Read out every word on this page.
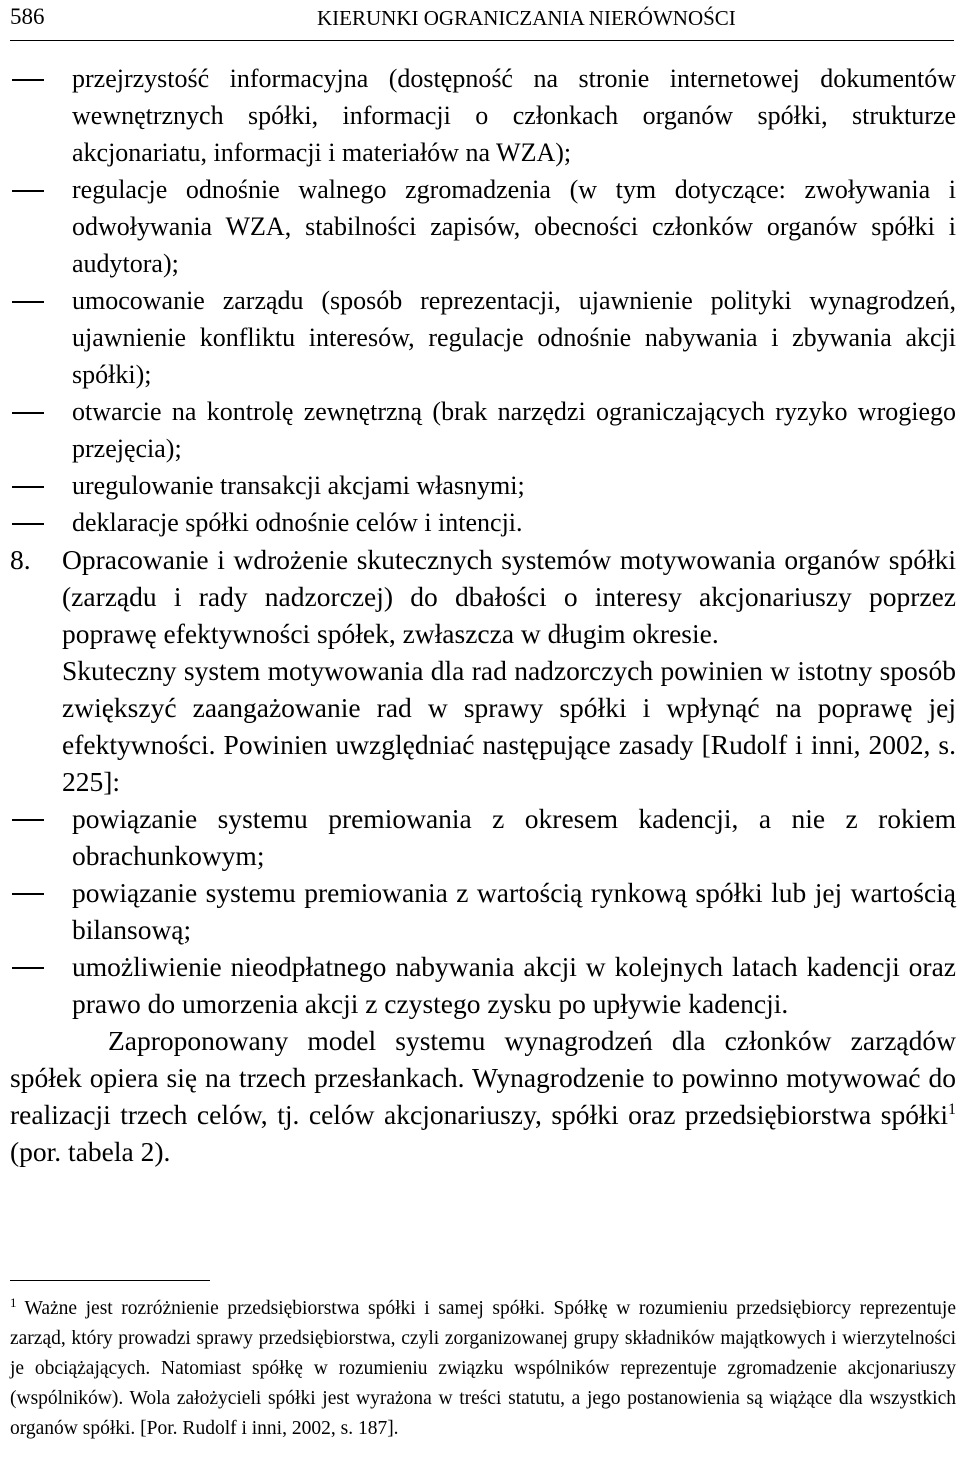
586	KIERUNKI OGRANICZANIA NIERÓWNOŚCI
przejrzystość informacyjna (dostępność na stronie internetowej dokumentów wewnętrznych spółki, informacji o członkach organów spółki, strukturze akcjonariatu, informacji i materiałów na WZA);
regulacje odnośnie walnego zgromadzenia (w tym dotyczące: zwoływania i odwoływania WZA, stabilności zapisów, obecności członków organów spółki i audytora);
umocowanie zarządu (sposób reprezentacji, ujawnienie polityki wynagrodzeń, ujawnienie konfliktu interesów, regulacje odnośnie nabywania i zbywania akcji spółki);
otwarcie na kontrolę zewnętrzną (brak narzędzi ograniczających ryzyko wrogiego przejęcia);
uregulowanie transakcji akcjami własnymi;
deklaracje spółki odnośnie celów i intencji.

8. Opracowanie i wdrożenie skutecznych systemów motywowania organów spółki (zarządu i rady nadzorczej) do dbałości o interesy akcjonariuszy poprzez poprawę efektywności spółek, zwłaszcza w długim okresie.

Skuteczny system motywowania dla rad nadzorczych powinien w istotny sposób zwiększyć zaangażowanie rad w sprawy spółki i wpłynąć na poprawę jej efektywności. Powinien uwzględniać następujące zasady [Rudolf i inni, 2002, s. 225]:

powiązanie systemu premiowania z okresem kadencji, a nie z rokiem obrachunkowym;
powiązanie systemu premiowania z wartością rynkową spółki lub jej wartością bilansową;
umożliwienie nieodpłatnego nabywania akcji w kolejnych latach kadencji oraz prawo do umorzenia akcji z czystego zysku po upływie kadencji.

Zaproponowany model systemu wynagrodzeń dla członków zarządów spółek opiera się na trzech przesłankach. Wynagrodzenie to powinno motywować do realizacji trzech celów, tj. celów akcjonariuszy, spółki oraz przedsiębiorstwa spółki$^1$ (por. tabela 2).

$^1$ Ważne jest rozróżnienie przedsiębiorstwa spółki i samej spółki. Spółkę w rozumieniu przedsiębiorcy reprezentuje zarząd, który prowadzi sprawy przedsiębiorstwa, czyli zorganizowanej grupy składników majątkowych i wierzytelności je obciążających. Natomiast spółkę w rozumieniu związku wspólników reprezentuje zgromadzenie akcjonariuszy (wspólników). Wola założycieli spółki jest wyrażona w treści statutu, a jego postanowienia są wiążące dla wszystkich organów spółki. [Por. Rudolf i inni, 2002, s. 187].
